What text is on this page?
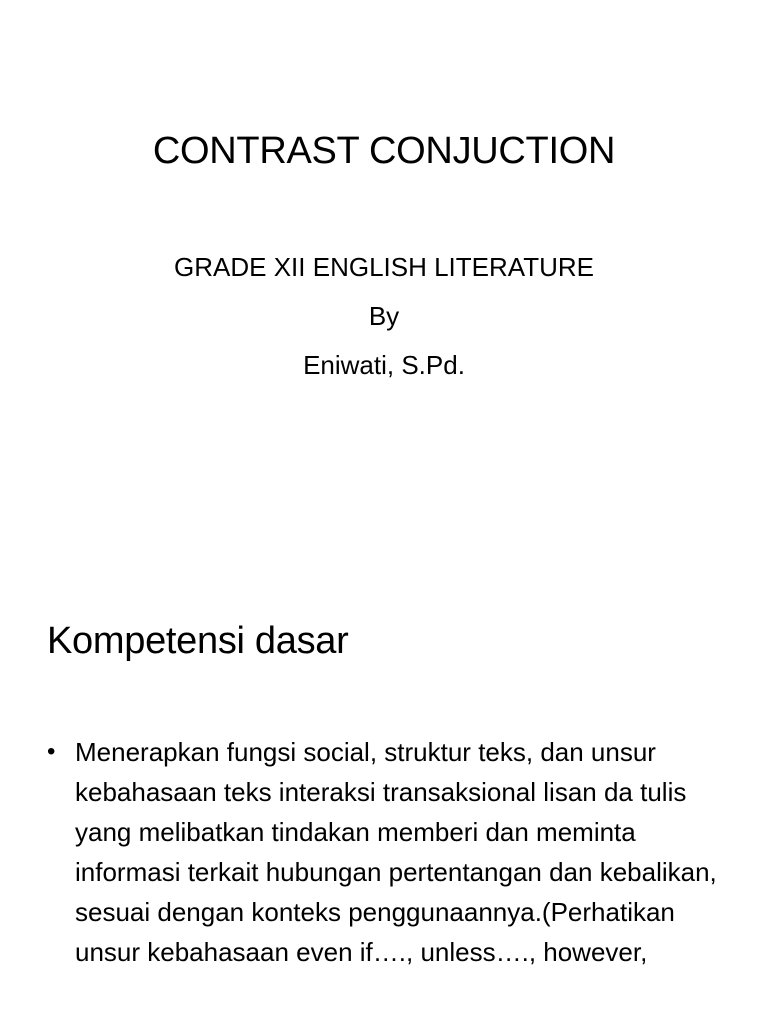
CONTRAST CONJUCTION
GRADE XII ENGLISH LITERATURE
By
Eniwati, S.Pd.
Kompetensi dasar
• Menerapkan fungsi social, struktur teks, dan unsur kebahasaan teks interaksi transaksional lisan da tulis yang melibatkan tindakan memberi dan meminta informasi terkait hubungan pertentangan dan kebalikan, sesuai dengan konteks penggunaannya.(Perhatikan unsur kebahasaan even if…., unless…., however,
